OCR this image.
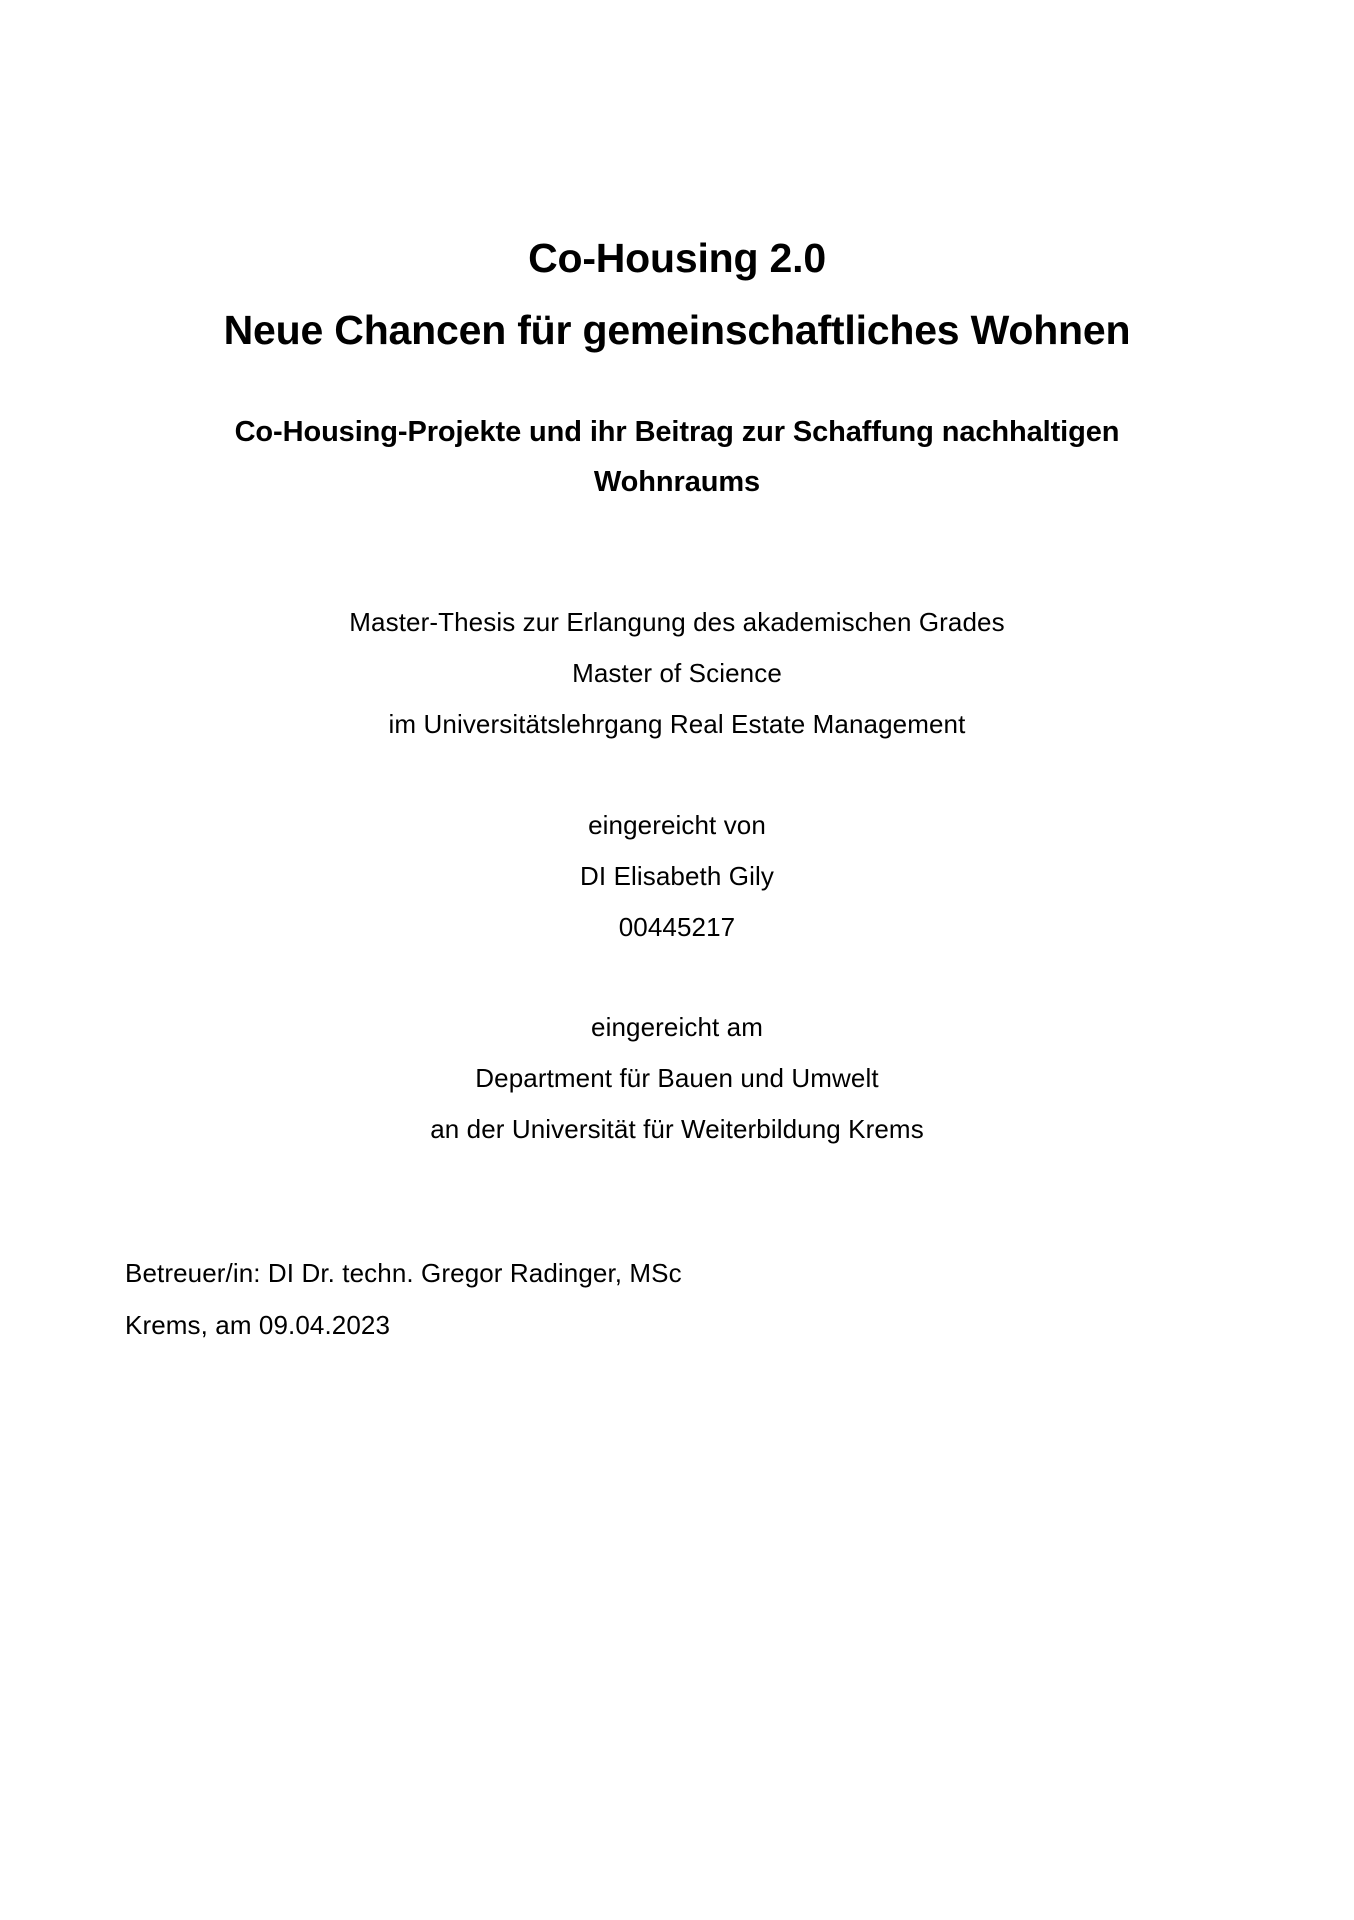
Co-Housing 2.0
Neue Chancen für gemeinschaftliches Wohnen
Co-Housing-Projekte und ihr Beitrag zur Schaffung nachhaltigen
Wohnraums
Master-Thesis zur Erlangung des akademischen Grades
Master of Science
im Universitätslehrgang Real Estate Management
eingereicht von
DI Elisabeth Gily
00445217
eingereicht am
Department für Bauen und Umwelt
an der Universität für Weiterbildung Krems
Betreuer/in: DI Dr. techn. Gregor Radinger, MSc
Krems, am 09.04.2023
